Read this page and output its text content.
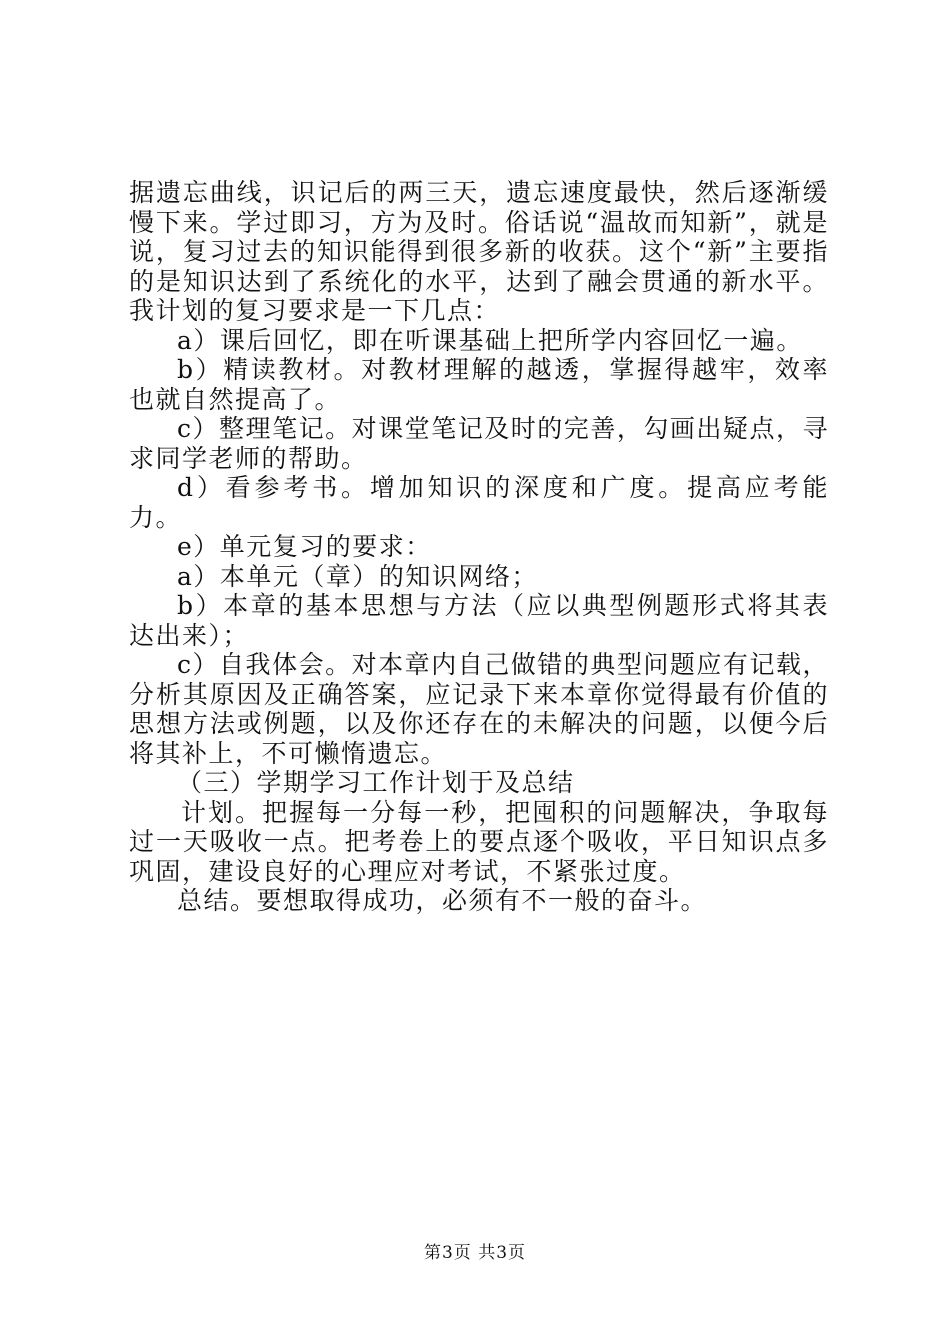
据遗忘曲线，识记后的两三天，遗忘速度最快，然后逐渐缓慢下来。学过即习，方为及时。俗话说“温故而知新”，就是说，复习过去的知识能得到很多新的收获。这个“新”主要指的是知识达到了系统化的水平，达到了融会贯通的新水平。我计划的复习要求是一下几点：

a）课后回忆，即在听课基础上把所学内容回忆一遍。

b）精读教材。对教材理解的越透，掌握得越牢，效率也就自然提高了。

c）整理笔记。对课堂笔记及时的完善，勾画出疑点，寻求同学老师的帮助。

d）看参考书。增加知识的深度和广度。提高应考能力。

e）单元复习的要求：

a）本单元（章）的知识网络；

b）本章的基本思想与方法（应以典型例题形式将其表达出来）；

c）自我体会。对本章内自己做错的典型问题应有记载，分析其原因及正确答案，应记录下来本章你觉得最有价值的思想方法或例题，以及你还存在的未解决的问题，以便今后将其补上，不可懒惰遗忘。

（三）学期学习工作计划于及总结

计划。把握每一分每一秒，把囤积的问题解决，争取每过一天吸收一点。把考卷上的要点逐个吸收，平日知识点多巩固，建设良好的心理应对考试，不紧张过度。

总结。要想取得成功，必须有不一般的奋斗。

第3页 共3页
